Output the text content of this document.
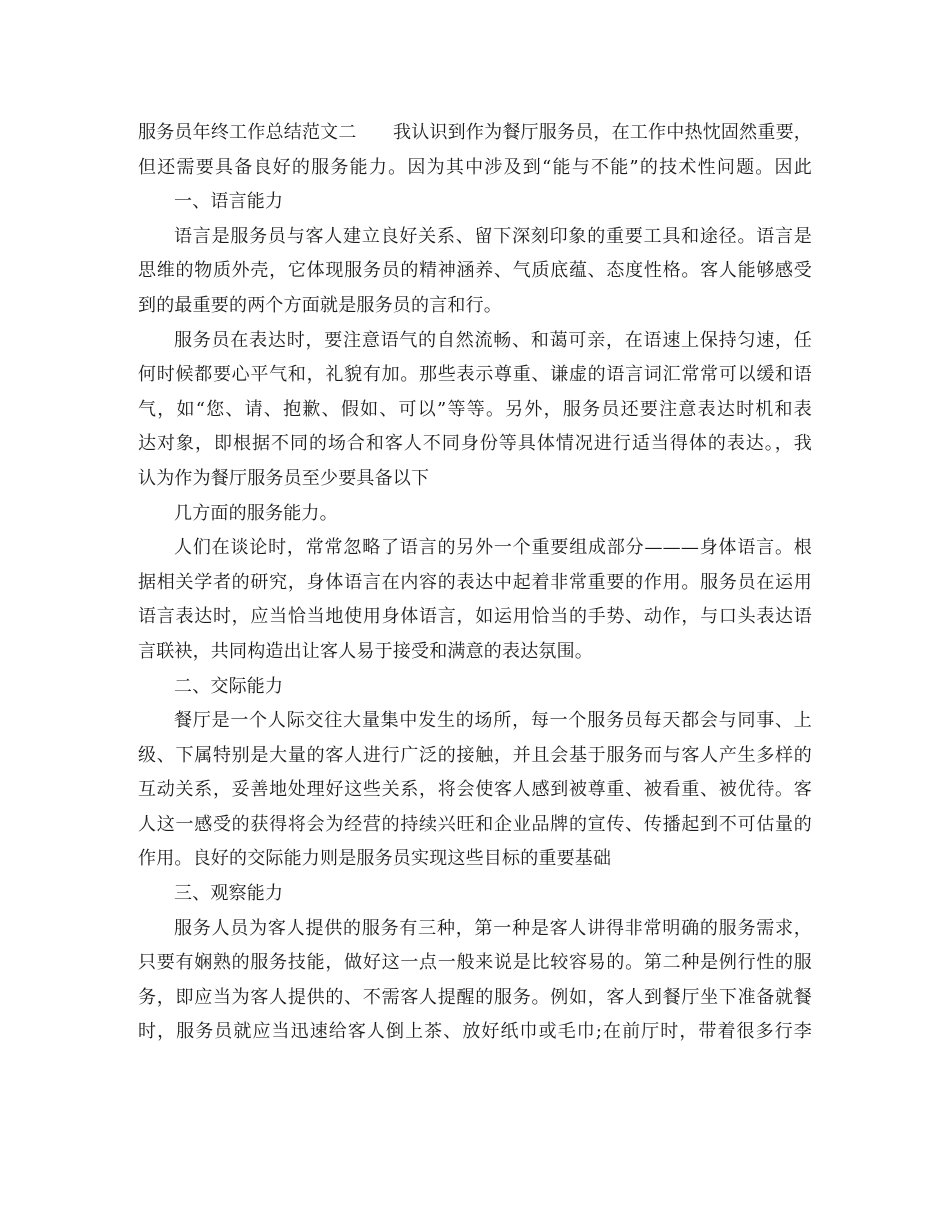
服务员年终工作总结范文二　　我认识到作为餐厅服务员，在工作中热忱固然重要，
但还需要具备良好的服务能力。因为其中涉及到“能与不能”的技术性问题。因此
一、语言能力
语言是服务员与客人建立良好关系、留下深刻印象的重要工具和途径。语言是
思维的物质外壳，它体现服务员的精神涵养、气质底蕴、态度性格。客人能够感受
到的最重要的两个方面就是服务员的言和行。
服务员在表达时，要注意语气的自然流畅、和蔼可亲，在语速上保持匀速，任
何时候都要心平气和，礼貌有加。那些表示尊重、谦虚的语言词汇常常可以缓和语
气，如“您、请、抱歉、假如、可以”等等。另外，服务员还要注意表达时机和表
达对象，即根据不同的场合和客人不同身份等具体情况进行适当得体的表达。，我
认为作为餐厅服务员至少要具备以下
几方面的服务能力。
人们在谈论时，常常忽略了语言的另外一个重要组成部分———身体语言。根
据相关学者的研究，身体语言在内容的表达中起着非常重要的作用。服务员在运用
语言表达时，应当恰当地使用身体语言，如运用恰当的手势、动作，与口头表达语
言联袂，共同构造出让客人易于接受和满意的表达氛围。
二、交际能力
餐厅是一个人际交往大量集中发生的场所，每一个服务员每天都会与同事、上
级、下属特别是大量的客人进行广泛的接触，并且会基于服务而与客人产生多样的
互动关系，妥善地处理好这些关系，将会使客人感到被尊重、被看重、被优待。客
人这一感受的获得将会为经营的持续兴旺和企业品牌的宣传、传播起到不可估量的
作用。良好的交际能力则是服务员实现这些目标的重要基础
三、观察能力
服务人员为客人提供的服务有三种，第一种是客人讲得非常明确的服务需求，
只要有娴熟的服务技能，做好这一点一般来说是比较容易的。第二种是例行性的服
务，即应当为客人提供的、不需客人提醒的服务。例如，客人到餐厅坐下准备就餐
时，服务员就应当迅速给客人倒上茶、放好纸巾或毛巾;在前厅时，带着很多行李
